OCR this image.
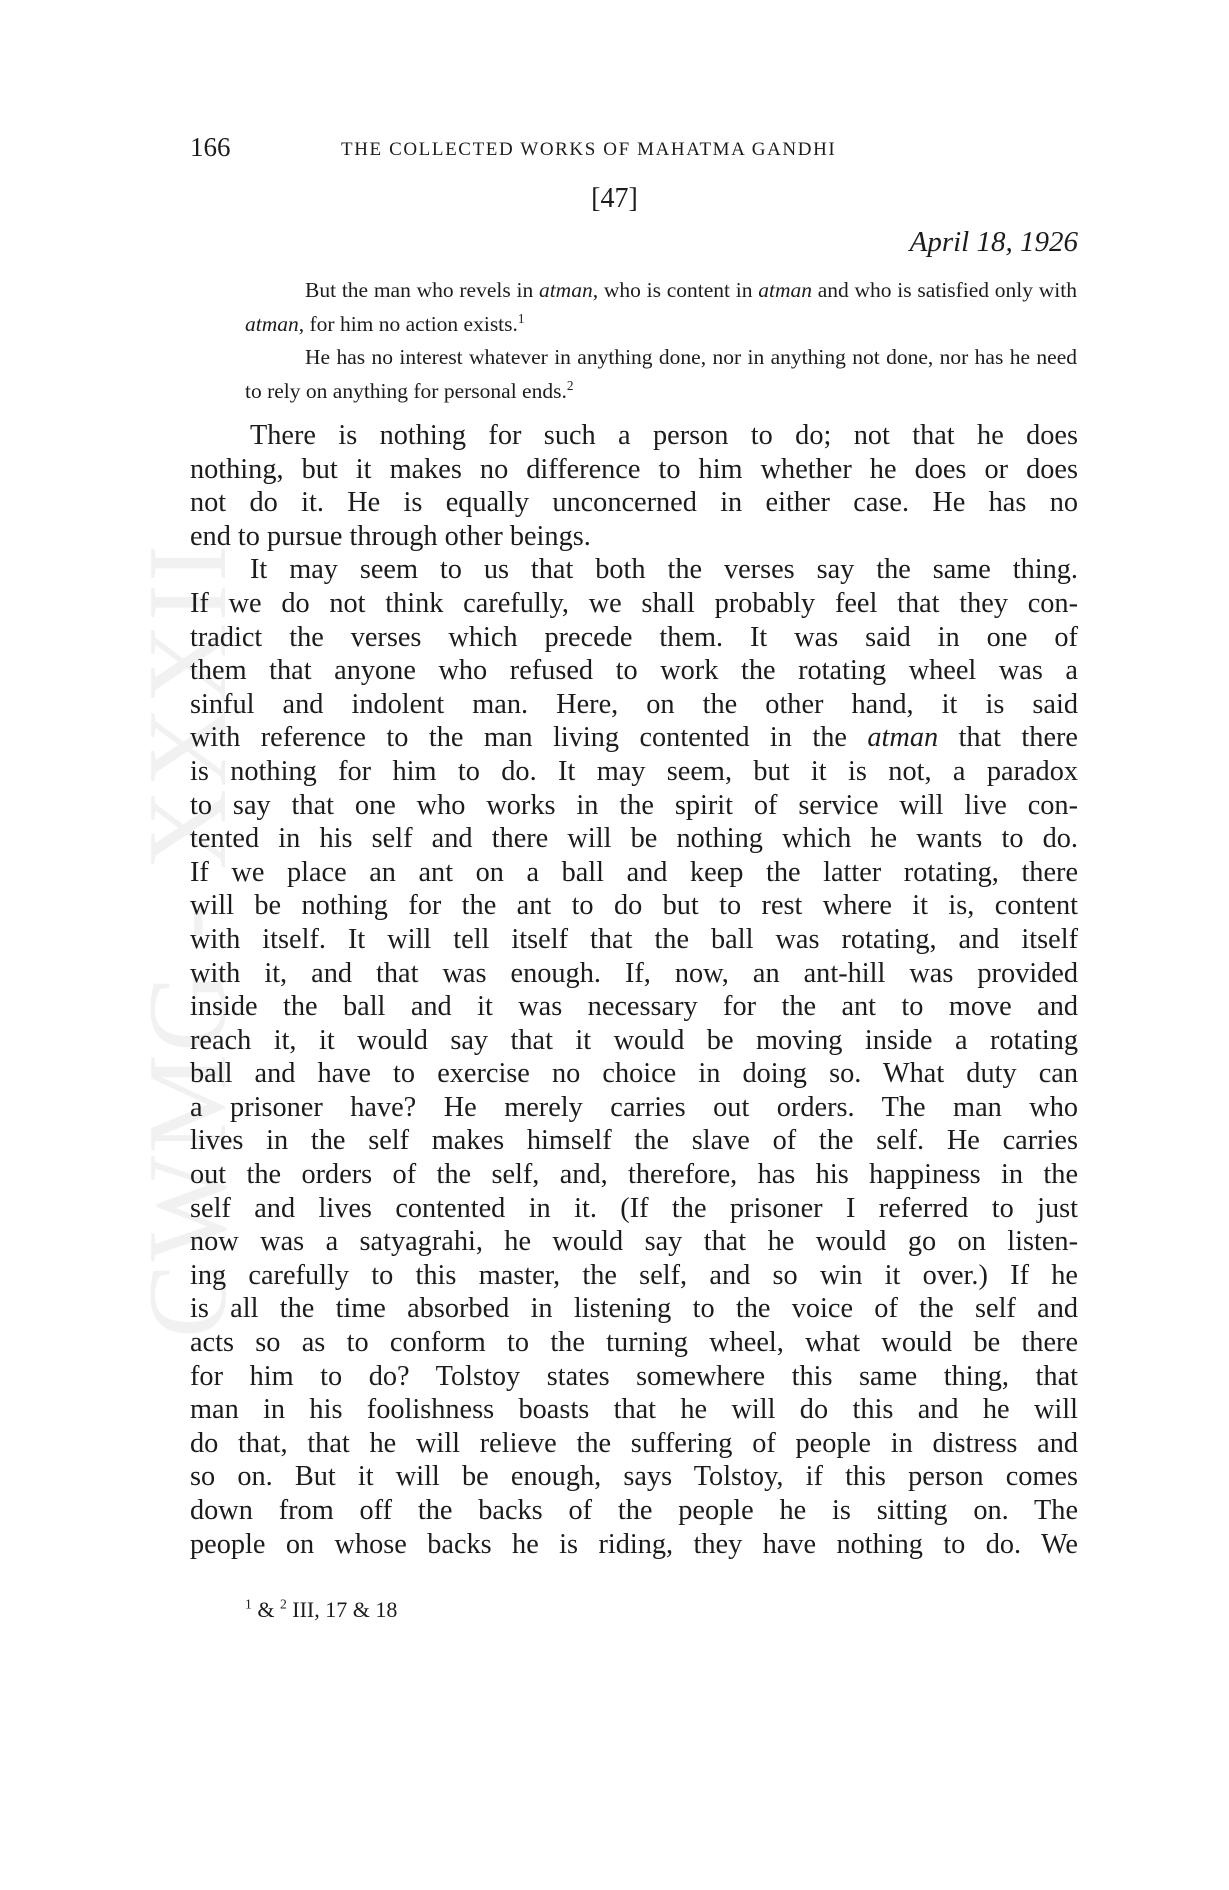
CWMG - XXXII
166	THE COLLECTED WORKS OF MAHATMA GANDHI
[47]
April 18, 1926

But the man who revels in atman, who is content in atman and who is satisfied only with atman, for him no action exists.$^1$

He has no interest whatever in anything done, nor in anything not done, nor has he need to rely on anything for personal ends.$^2$

There is nothing for such a person to do; not that he does
nothing, but it makes no difference to him whether he does or does
not do it. He is equally unconcerned in either case. He has no
end to pursue through other beings.
It may seem to us that both the verses say the same thing.
If we do not think carefully, we shall probably feel that they con-
tradict the verses which precede them. It was said in one of
them that anyone who refused to work the rotating wheel was a
sinful and indolent man. Here, on the other hand, it is said
with reference to the man living contented in the atman that there
is nothing for him to do. It may seem, but it is not, a paradox
to say that one who works in the spirit of service will live con-
tented in his self and there will be nothing which he wants to do.
If we place an ant on a ball and keep the latter rotating, there
will be nothing for the ant to do but to rest where it is, content
with itself. It will tell itself that the ball was rotating, and itself
with it, and that was enough. If, now, an ant-hill was provided
inside the ball and it was necessary for the ant to move and
reach it, it would say that it would be moving inside a rotating
ball and have to exercise no choice in doing so. What duty can
a prisoner have? He merely carries out orders. The man who
lives in the self makes himself the slave of the self. He carries
out the orders of the self, and, therefore, has his happiness in the
self and lives contented in it. (If the prisoner I referred to just
now was a satyagrahi, he would say that he would go on listen-
ing carefully to this master, the self, and so win it over.) If he
is all the time absorbed in listening to the voice of the self and
acts so as to conform to the turning wheel, what would be there
for him to do? Tolstoy states somewhere this same thing, that
man in his foolishness boasts that he will do this and he will
do that, that he will relieve the suffering of people in distress and
so on. But it will be enough, says Tolstoy, if this person comes
down from off the backs of the people he is sitting on. The
people on whose backs he is riding, they have nothing to do. We
$^1$ & $^2$ III, 17 & 18
